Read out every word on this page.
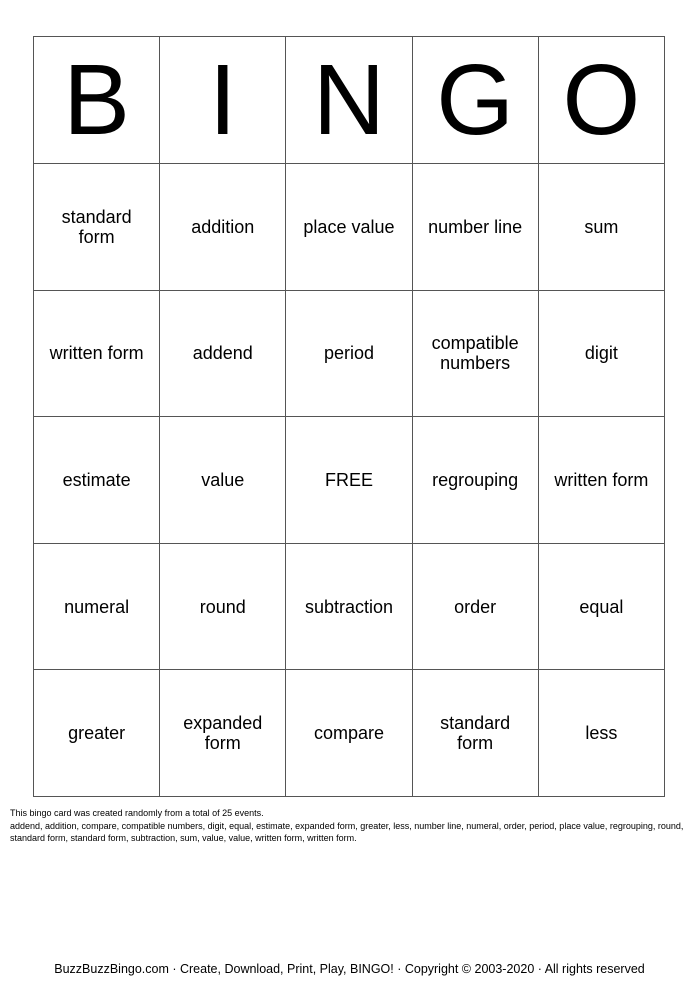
B	I	N	G	O
standard form	addition	place value	number line	sum
written form	addend	period	compatible numbers	digit
estimate	value	FREE	regrouping	written form
numeral	round	subtraction	order	equal
greater	expanded form	compare	standard form	less
This bingo card was created randomly from a total of 25 events.
addend, addition, compare, compatible numbers, digit, equal, estimate, expanded form, greater, less, number line, numeral, order, period, place value, regrouping, round, standard form, standard form, subtraction, sum, value, value, written form, written form.
BuzzBuzzBingo.com · Create, Download, Print, Play, BINGO! · Copyright © 2003-2020 · All rights reserved
